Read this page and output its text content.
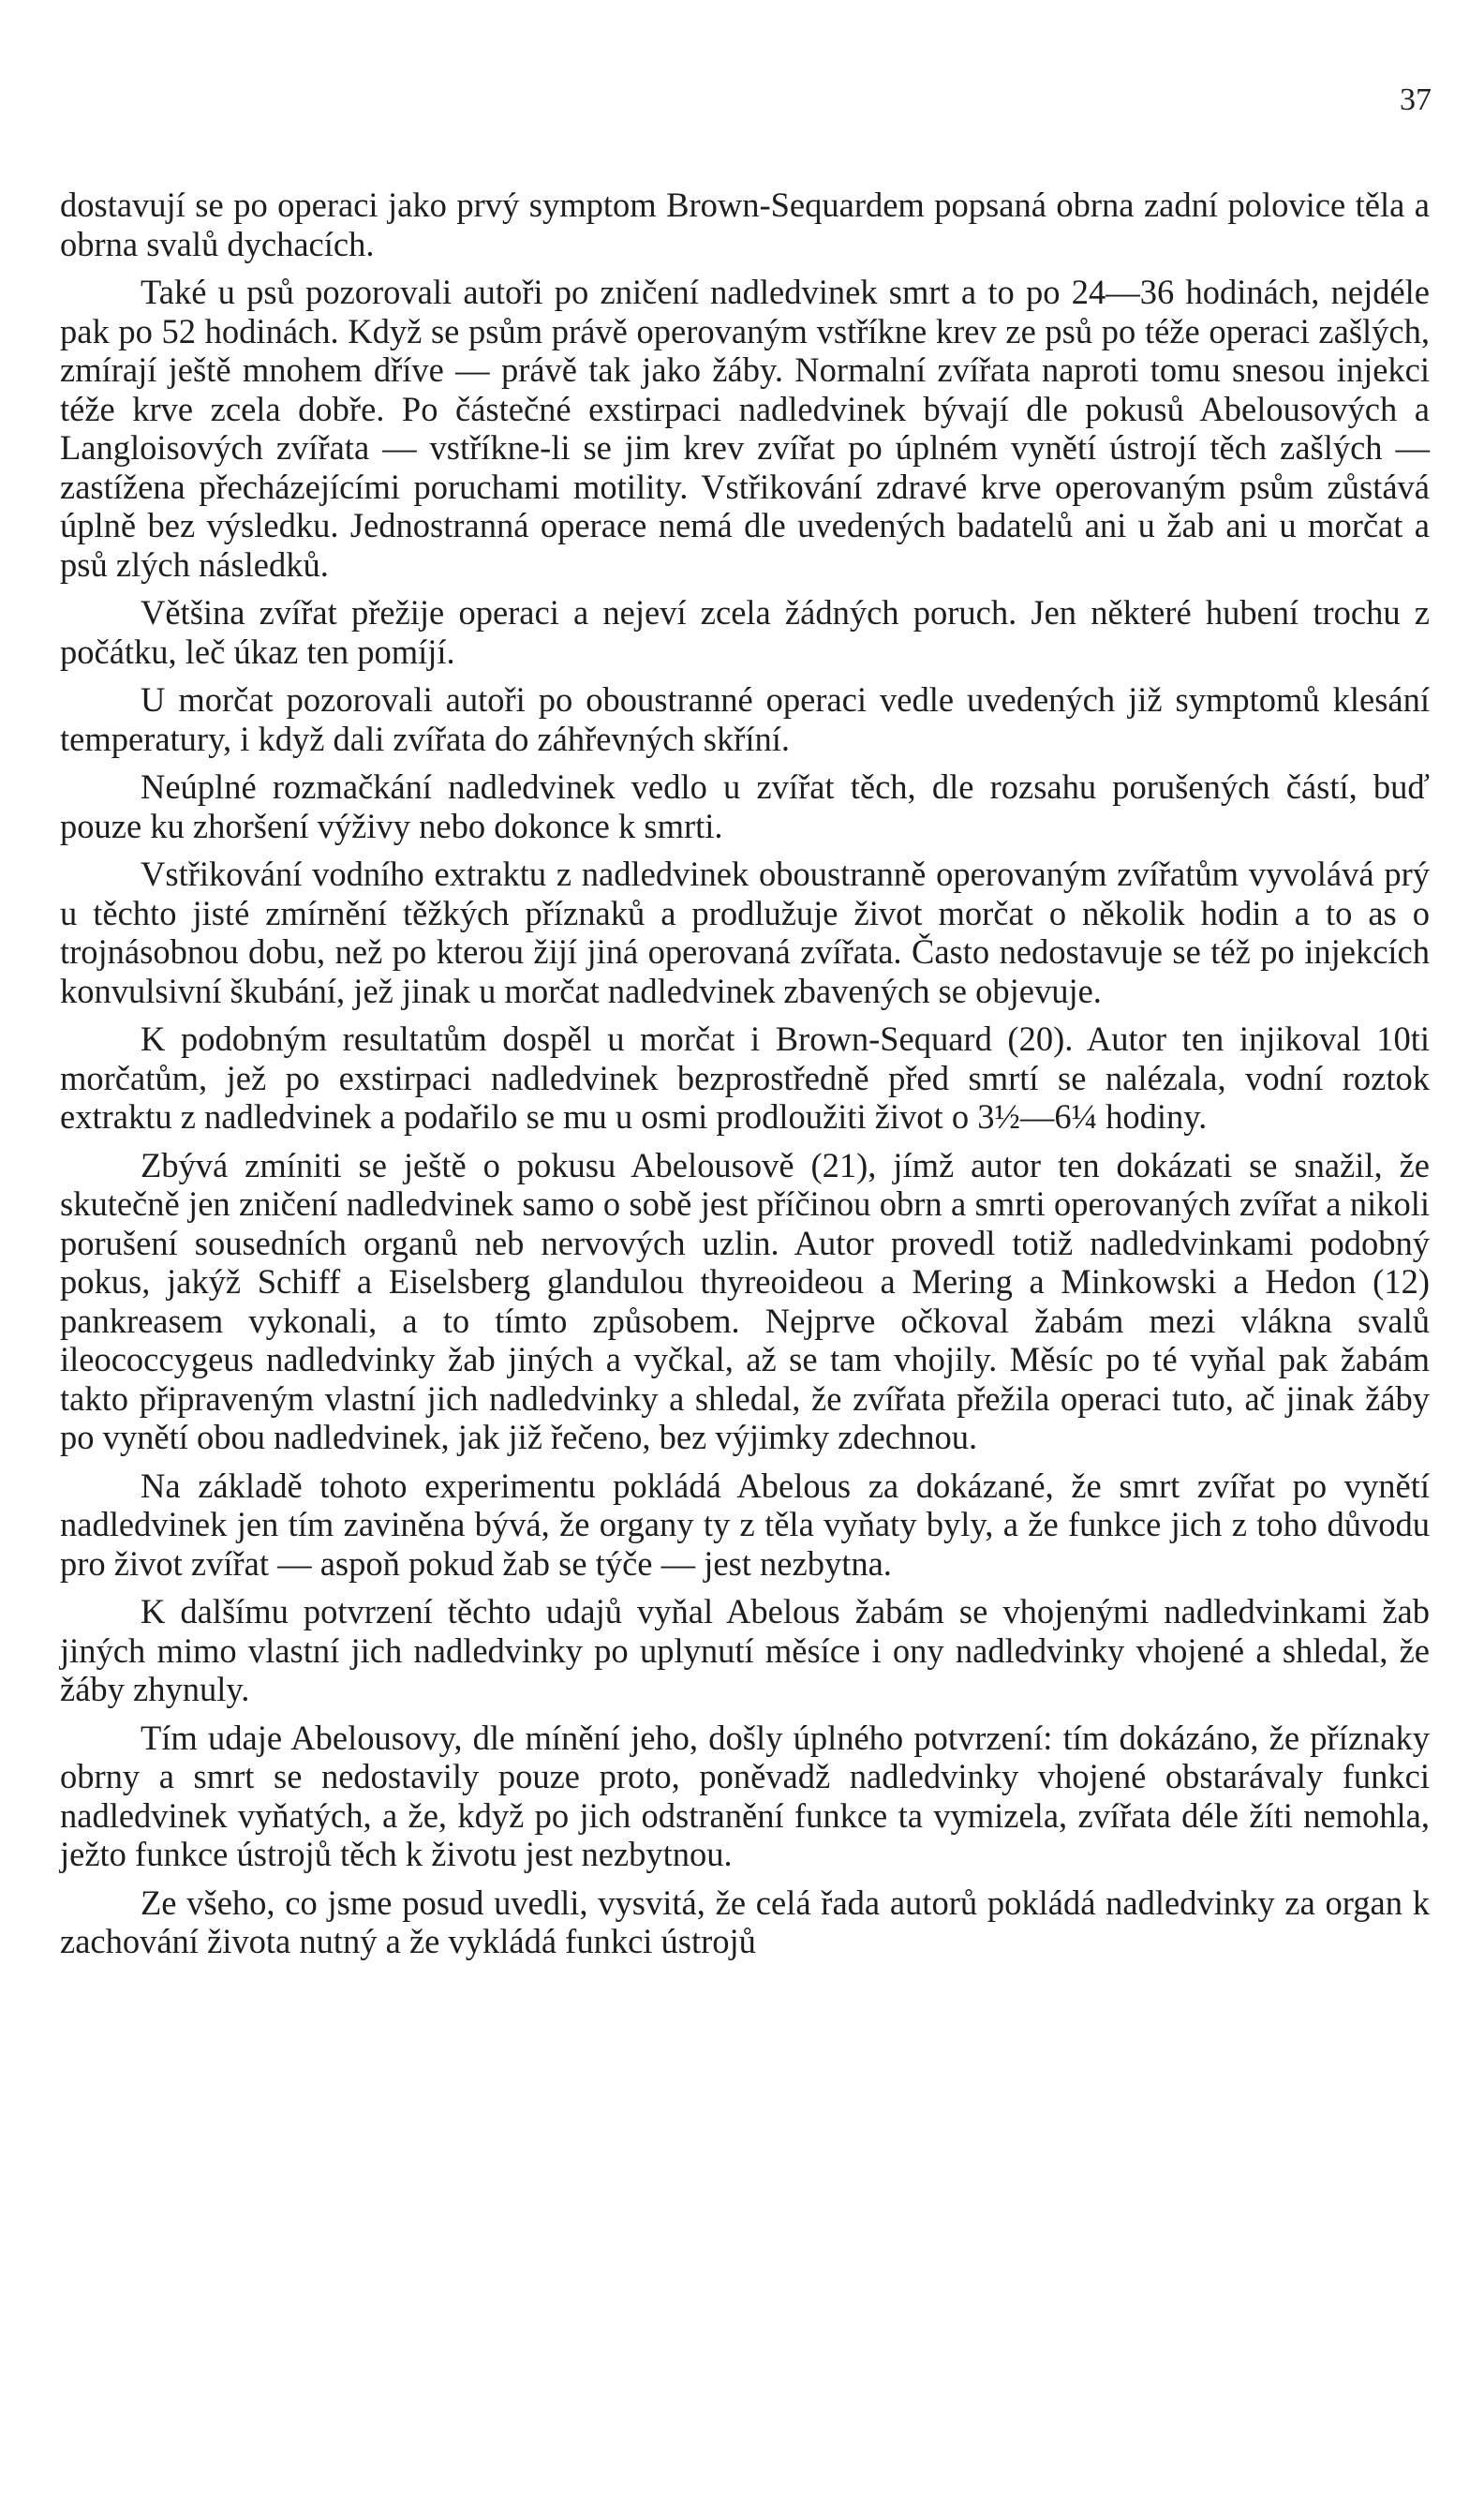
37

dostavují se po operaci jako prvý symptom Brown-Sequardem popsaná obrna zadní polovice těla a obrna svalů dychacích.

Také u psů pozorovali autoři po zničení nadledvinek smrt a to po 24—36 hodinách, nejdéle pak po 52 hodinách. Když se psům právě operovaným vstříkne krev ze psů po téže operaci zašlých, zmírají ještě mnohem dříve — právě tak jako žáby. Normalní zvířata naproti tomu snesou injekci téže krve zcela dobře. Po částečné exstirpaci nadledvinek bývají dle pokusů Abelousových a Langloisových zvířata — vstříkne-li se jim krev zvířat po úplném vynětí ústrojí těch zašlých — zastížena přecházejícími poruchami motility. Vstřikování zdravé krve operovaným psům zůstává úplně bez výsledku. Jednostranná operace nemá dle uvedených badatelů ani u žab ani u morčat a psů zlých následků.

Většina zvířat přežije operaci a nejeví zcela žádných poruch. Jen některé hubení trochu z počátku, leč úkaz ten pomíjí.

U morčat pozorovali autoři po oboustranné operaci vedle uvedených již symptomů klesání temperatury, i když dali zvířata do záhřevných skříní.

Neúplné rozmačkání nadledvinek vedlo u zvířat těch, dle rozsahu porušených částí, buď pouze ku zhoršení výživy nebo dokonce k smrti.

Vstřikování vodního extraktu z nadledvinek oboustranně operovaným zvířatům vyvolává prý u těchto jisté zmírnění těžkých příznaků a prodlužuje život morčat o několik hodin a to as o trojnásobnou dobu, než po kterou žijí jiná operovaná zvířata. Často nedostavuje se též po injekcích konvulsivní škubání, jež jinak u morčat nadledvinek zbavených se objevuje.

K podobným resultatům dospěl u morčat i Brown-Sequard (20). Autor ten injikoval 10ti morčatům, jež po exstirpaci nadledvinek bezprostředně před smrtí se nalézala, vodní roztok extraktu z nadledvinek a podařilo se mu u osmi prodloužiti život o 3½—6¼ hodiny.

Zbývá zmíniti se ještě o pokusu Abelousově (21), jímž autor ten dokázati se snažil, že skutečně jen zničení nadledvinek samo o sobě jest příčinou obrn a smrti operovaných zvířat a nikoli porušení sousedních organů neb nervových uzlin. Autor provedl totiž nadledvinkami podobný pokus, jakýž Schiff a Eiselsberg glandulou thyreoideou a Mering a Minkowski a Hedon (12) pankreasem vykonali, a to tímto způsobem. Nejprve očkoval žabám mezi vlákna svalů ileococcygeus nadledvinky žab jiných a vyčkal, až se tam vhojily. Měsíc po té vyňal pak žabám takto připraveným vlastní jich nadledvinky a shledal, že zvířata přežila operaci tuto, ač jinak žáby po vynětí obou nadledvinek, jak již řečeno, bez výjimky zdechnou.

Na základě tohoto experimentu pokládá Abelous za dokázané, že smrt zvířat po vynětí nadledvinek jen tím zaviněna bývá, že organy ty z těla vyňaty byly, a že funkce jich z toho důvodu pro život zvířat — aspoň pokud žab se týče — jest nezbytna.

K dalšímu potvrzení těchto udajů vyňal Abelous žabám se vhojenými nadledvinkami žab jiných mimo vlastní jich nadledvinky po uplynutí měsíce i ony nadledvinky vhojené a shledal, že žáby zhynuly.

Tím udaje Abelousovy, dle mínění jeho, došly úplného potvrzení: tím dokázáno, že příznaky obrny a smrt se nedostavily pouze proto, poněvadž nadledvinky vhojené obstarávaly funkci nadledvinek vyňatých, a že, když po jich odstranění funkce ta vymizela, zvířata déle žíti nemohla, ježto funkce ústrojů těch k životu jest nezbytnou.

Ze všeho, co jsme posud uvedli, vysvitá, že celá řada autorů pokládá nadledvinky za organ k zachování života nutný a že vykládá funkci ústrojů
